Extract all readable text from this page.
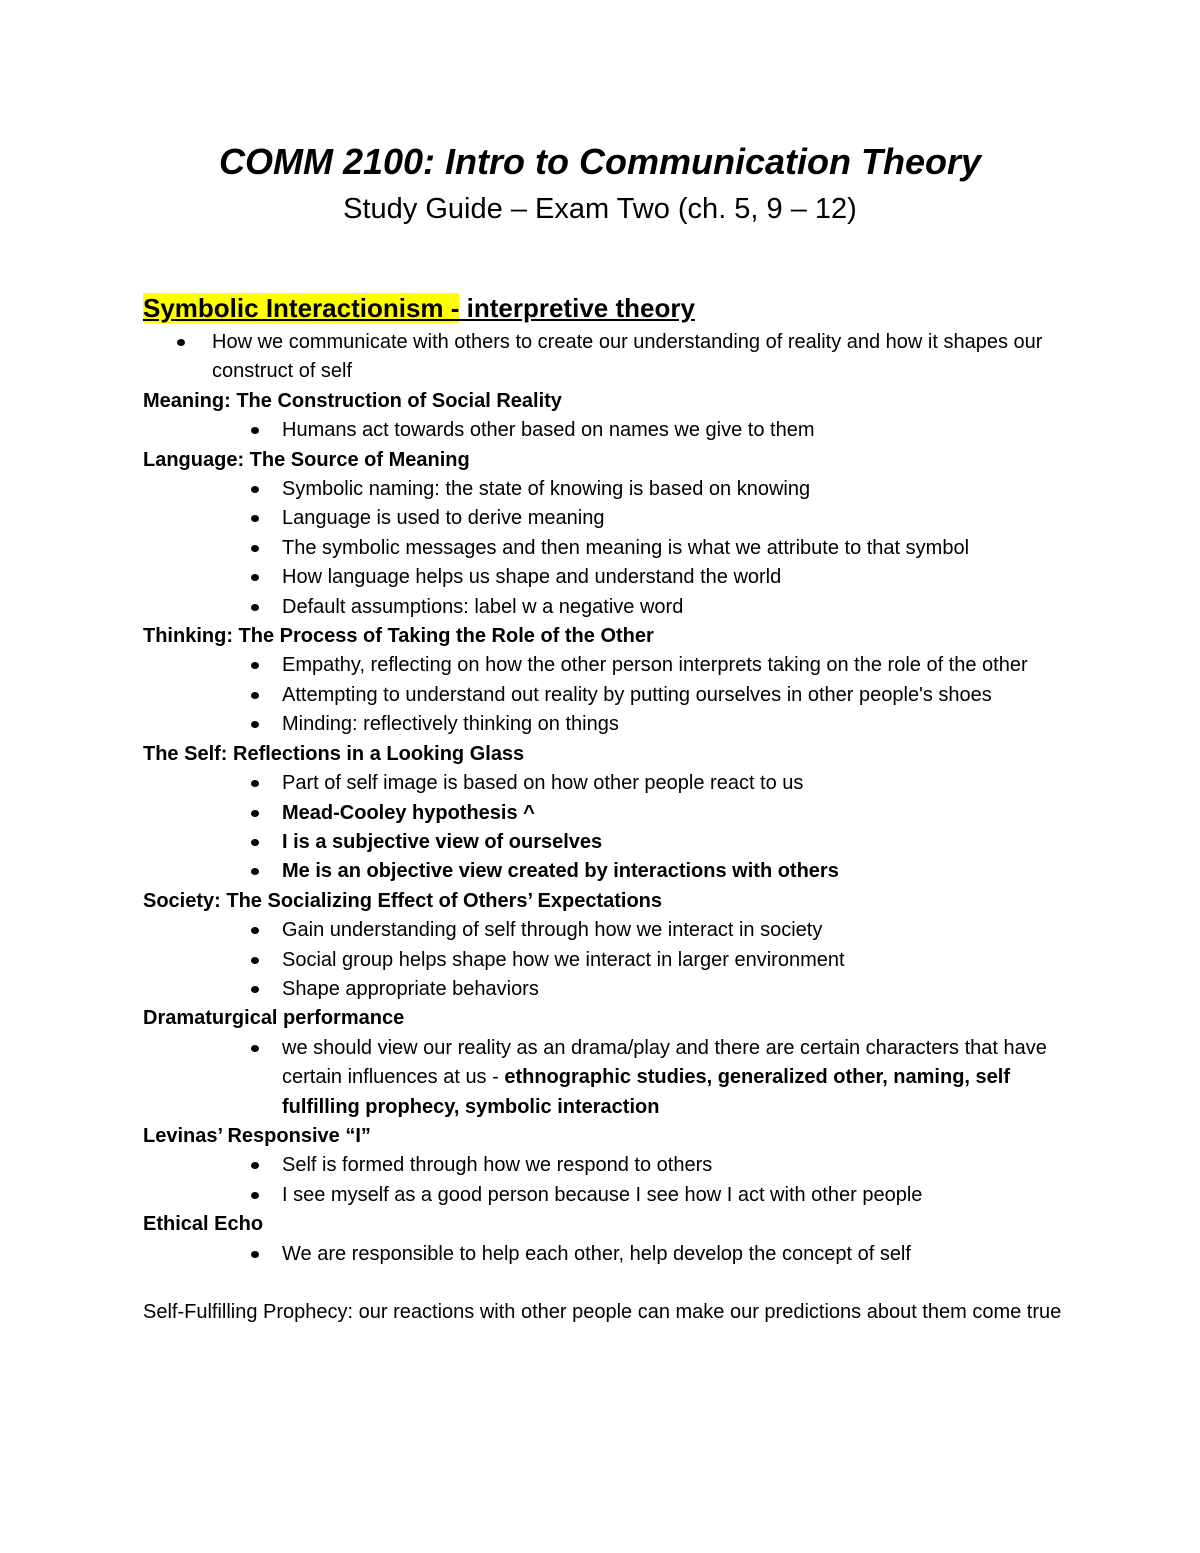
COMM 2100: Intro to Communication Theory
Study Guide – Exam Two (ch. 5, 9 – 12)
Symbolic Interactionism - interpretive theory
How we communicate with others to create our understanding of reality and how it shapes our construct of self
Meaning: The Construction of Social Reality
Humans act towards other based on names we give to them
Language: The Source of Meaning
Symbolic naming: the state of knowing is based on knowing
Language is used to derive meaning
The symbolic messages and then meaning is what we attribute to that symbol
How language helps us shape and understand the world
Default assumptions: label w a negative word
Thinking: The Process of Taking the Role of the Other
Empathy, reflecting on how the other person interprets taking on the role of the other
Attempting to understand out reality by putting ourselves in other people's shoes
Minding: reflectively thinking on things
The Self: Reflections in a Looking Glass
Part of self image is based on how other people react to us
Mead-Cooley hypothesis ^
I is a subjective view of ourselves
Me is an objective view created by interactions with others
Society: The Socializing Effect of Others’ Expectations
Gain understanding of self through how we interact in society
Social group helps shape how we interact in larger environment
Shape appropriate behaviors
Dramaturgical performance
we should view our reality as an drama/play and there are certain characters that have certain influences at us - ethnographic studies, generalized other, naming, self fulfilling prophecy, symbolic interaction
Levinas’ Responsive “I”
Self is formed through how we respond to others
I see myself as a good person because I see how I act with other people
Ethical Echo
We are responsible to help each other, help develop the concept of self
Self-Fulfilling Prophecy: our reactions with other people can make our predictions about them come true
